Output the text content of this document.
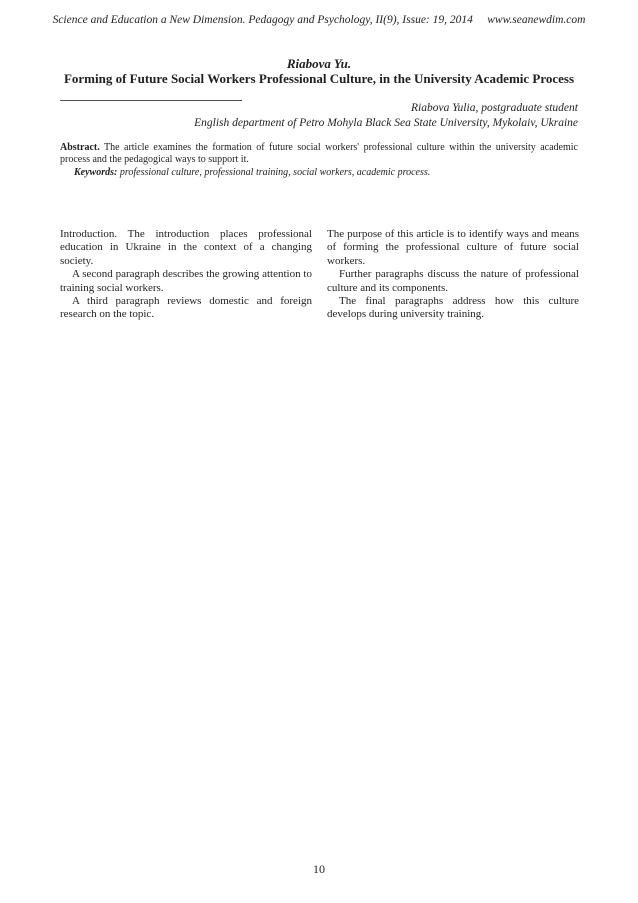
Science and Education a New Dimension. Pedagogy and Psychology, II(9), Issue: 19, 2014 www.seanewdim.com
Riabova Yu.
Forming of Future Social Workers Professional Culture, in the University Academic Process
Riabova Yulia, postgraduate student
English department of Petro Mohyla Black Sea State University, Mykolaiv, Ukraine
Abstract. The article examines the formation of future social workers' professional culture within the university academic process and the pedagogical ways to support it.
Keywords: professional culture, professional training, social workers, academic process.

Introduction. The introduction places professional education in Ukraine in the context of a changing society.

A second paragraph describes the growing attention to training social workers.

A third paragraph reviews domestic and foreign research on the topic.

The purpose of this article is to identify ways and means of forming the professional culture of future social workers.

Further paragraphs discuss the nature of professional culture and its components.

The final paragraphs address how this culture develops during university training.

10
